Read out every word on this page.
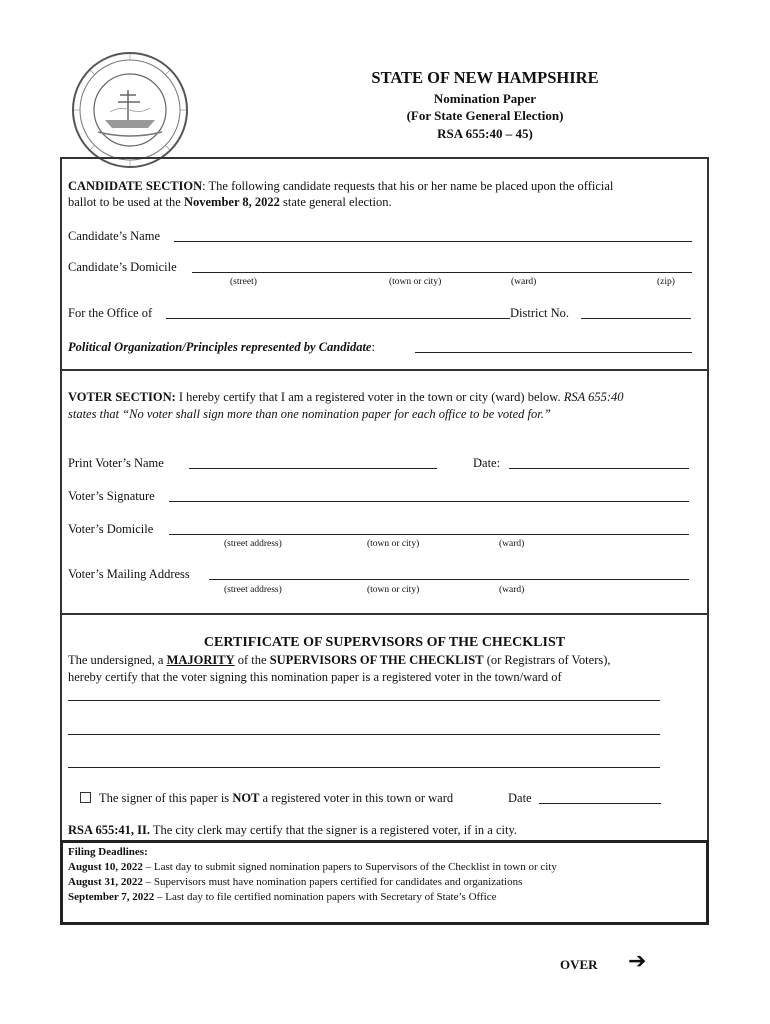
STATE OF NEW HAMPSHIRE
Nomination Paper
(For State General Election)
RSA 655:40 – 45)
CANDIDATE SECTION: The following candidate requests that his or her name be placed upon the official
ballot to be used at the November 8, 2022 state general election.
Candidate’s Name
Candidate’s Domicile
(street)	(town or city)	(ward)	(zip)
For the Office of	District No.
Political Organization/Principles represented by Candidate:
VOTER SECTION: I hereby certify that I am a registered voter in the town or city (ward) below. RSA 655:40
states that “No voter shall sign more than one nomination paper for each office to be voted for.”
Print Voter’s Name	Date:
Voter’s Signature
Voter’s Domicile
(street address)	(town or city)	(ward)
Voter’s Mailing Address
(street address)	(town or city)	(ward)
CERTIFICATE OF SUPERVISORS OF THE CHECKLIST
The undersigned, a MAJORITY of the SUPERVISORS OF THE CHECKLIST (or Registrars of Voters),
hereby certify that the voter signing this nomination paper is a registered voter in the town/ward of
The signer of this paper is NOT a registered voter in this town or ward	Date
RSA 655:41, II. The city clerk may certify that the signer is a registered voter, if in a city.
Filing Deadlines:
August 10, 2022 – Last day to submit signed nomination papers to Supervisors of the Checklist in town or city
August 31, 2022 – Supervisors must have nomination papers certified for candidates and organizations
September 7, 2022 – Last day to file certified nomination papers with Secretary of State’s Office
OVER ➔
